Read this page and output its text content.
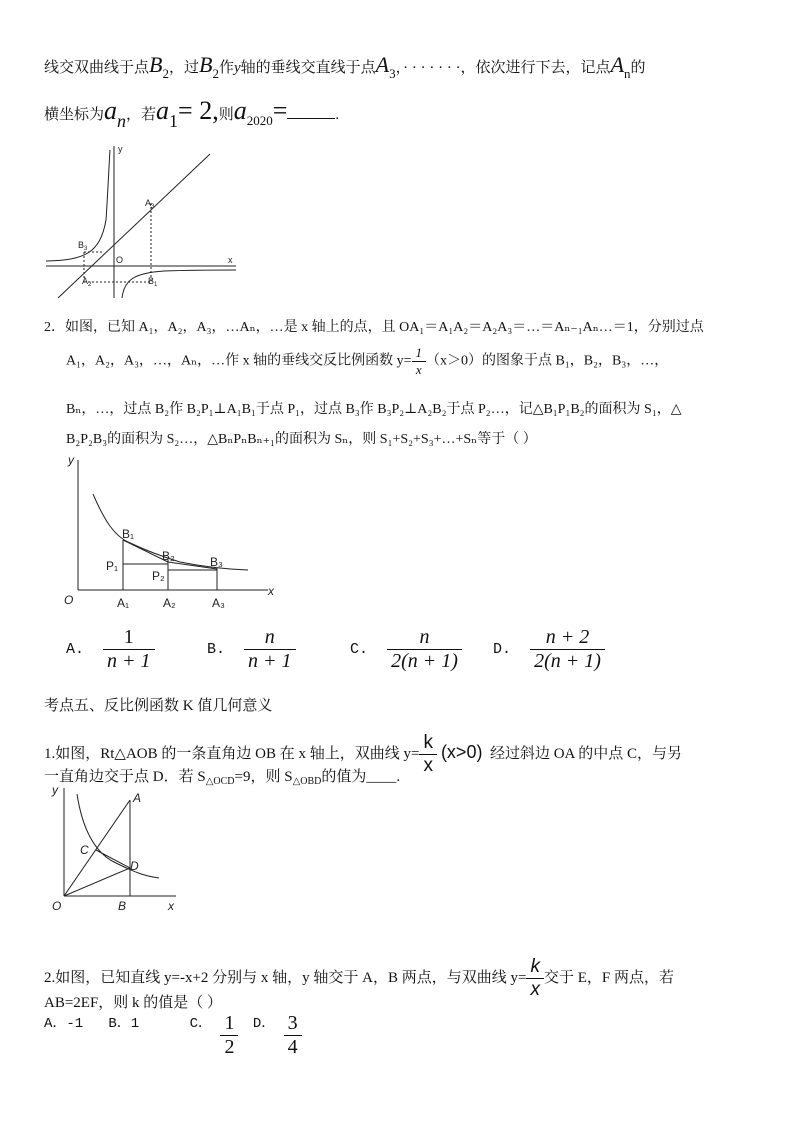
线交双曲线于点B2，过B2作y轴的垂线交直线于点A3，· · · · · · ·，依次进行下去，记点An的
横坐标为an，若a1= 2,则a2020=	.
y
$A_3$
$B_3$
O	x
$A_2$	$B_1$
2．如图，已知 A₁，A₂，A₃，…Aₙ，…是 x 轴上的点，且 OA₁＝A₁A₂＝A₂A₃＝…＝Aₙ₋₁Aₙ…＝1，分别过点
A₁，A₂，A₃，…，Aₙ，…作 x 轴的垂线交反比例函数 $y= \frac{1}{x} (x>0)$的图象于点 B₁，B₂，B₃，…，
Bₙ，…，过点 B₂作 B₂P₁⊥A₁B₁于点 P₁，过点 B₃作 B₃P₂⊥A₂B₂于点 P₂…，记△B₁P₁B₂的面积为 S₁，△
B₂P₂B₃的面积为 S₂…，△BₙPₙBₙ₊₁的面积为 Sₙ，则 S₁+S₂+S₃+…+Sₙ等于（ ）
y
x
O
B₁
B₂	B₃
P₁
P₂
A₁	A₂	A₃
A. $\frac{1}{n + 1}$	B. $\frac{n}{n + 1}$	C. $\frac{n}{2(n + 1)} D$. $\frac{n + 2}{2(n + 1)}$
考点五、反比例函数 K 值几何意义
1.如图，Rt△AOB 的一条直角边 OB 在 x 轴上，双曲线 $y= \frac{k}{x} (x>0)$ 经过斜边 OA 的中点 C，与另
一直角边交于点 D．若 $S_{\triangle OCD}=9$，则 $S_{\triangle OBD}$的值为____.
y
A
C
D
O	B	x
2.如图，已知直线 y=-x+2 分别与 x 轴，y 轴交于 A，B 两点，与双曲线 $y= \frac{k}{x}$ 交于 E，F 两点，若
AB=2EF，则 k 的值是（ ）
A．-1   B．1      C． $\frac{1}{2}$ D． $\frac{3}{4}$
